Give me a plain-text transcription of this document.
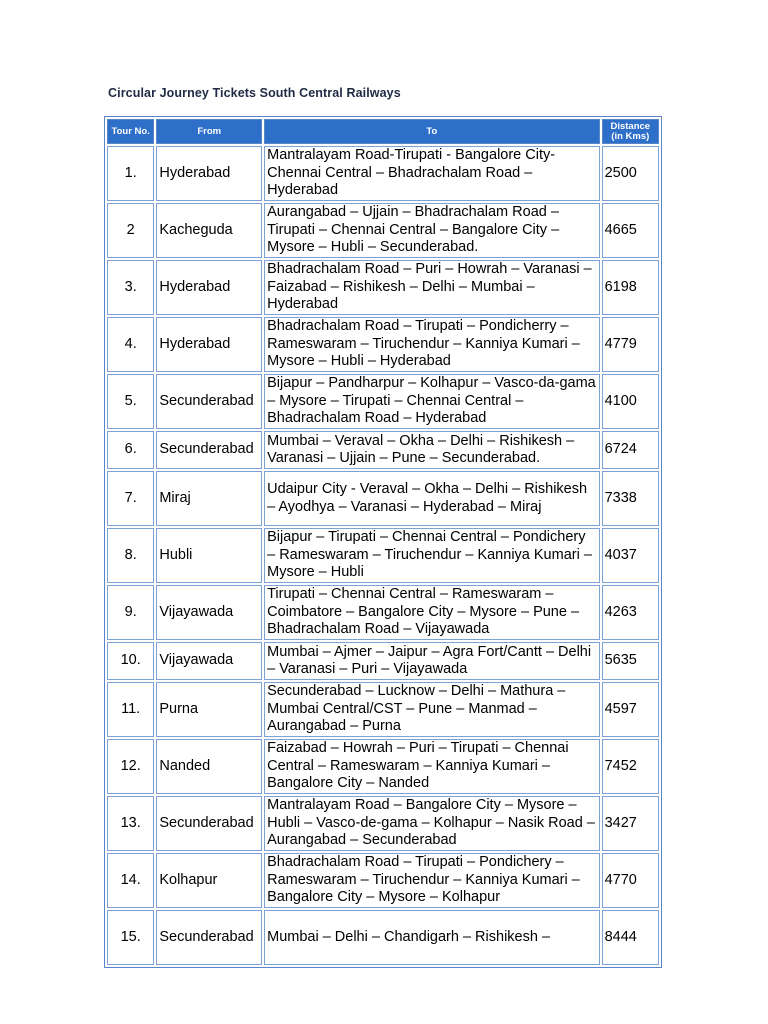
Circular Journey Tickets South Central Railways
Tour No.	From	To	Distance
(in Kms)
1.	Hyderabad	Mantralayam Road-Tirupati - Bangalore City-Chennai Central – Bhadrachalam Road – Hyderabad	2500
2	Kacheguda	Aurangabad – Ujjain – Bhadrachalam Road – Tirupati – Chennai Central – Bangalore City – Mysore – Hubli – Secunderabad.	4665
3.	Hyderabad	Bhadrachalam Road – Puri – Howrah – Varanasi – Faizabad – Rishikesh – Delhi – Mumbai – Hyderabad	6198
4.	Hyderabad	Bhadrachalam Road – Tirupati – Pondicherry – Rameswaram – Tiruchendur – Kanniya Kumari – Mysore – Hubli – Hyderabad	4779
5.	Secunderabad	Bijapur – Pandharpur – Kolhapur – Vasco-da-gama – Mysore – Tirupati – Chennai Central – Bhadrachalam Road – Hyderabad	4100
6.	Secunderabad	Mumbai – Veraval – Okha – Delhi – Rishikesh – Varanasi – Ujjain – Pune – Secunderabad.	6724
7.	Miraj	Udaipur City - Veraval – Okha – Delhi – Rishikesh – Ayodhya – Varanasi – Hyderabad – Miraj	7338
8.	Hubli	Bijapur – Tirupati – Chennai Central – Pondichery – Rameswaram – Tiruchendur – Kanniya Kumari – Mysore – Hubli	4037
9.	Vijayawada	Tirupati – Chennai Central – Rameswaram – Coimbatore – Bangalore City – Mysore – Pune – Bhadrachalam Road – Vijayawada	4263
10.	Vijayawada	Mumbai – Ajmer – Jaipur – Agra Fort/Cantt – Delhi – Varanasi – Puri – Vijayawada	5635
11.	Purna	Secunderabad – Lucknow – Delhi – Mathura – Mumbai Central/CST – Pune – Manmad – Aurangabad – Purna	4597
12.	Nanded	Faizabad – Howrah – Puri – Tirupati – Chennai Central – Rameswaram – Kanniya Kumari – Bangalore City – Nanded	7452
13.	Secunderabad	Mantralayam Road – Bangalore City – Mysore – Hubli – Vasco-de-gama – Kolhapur – Nasik Road – Aurangabad – Secunderabad	3427
14.	Kolhapur	Bhadrachalam Road – Tirupati – Pondichery – Rameswaram – Tiruchendur – Kanniya Kumari – Bangalore City – Mysore – Kolhapur	4770
15.	Secunderabad	Mumbai – Delhi – Chandigarh – Rishikesh –	8444
